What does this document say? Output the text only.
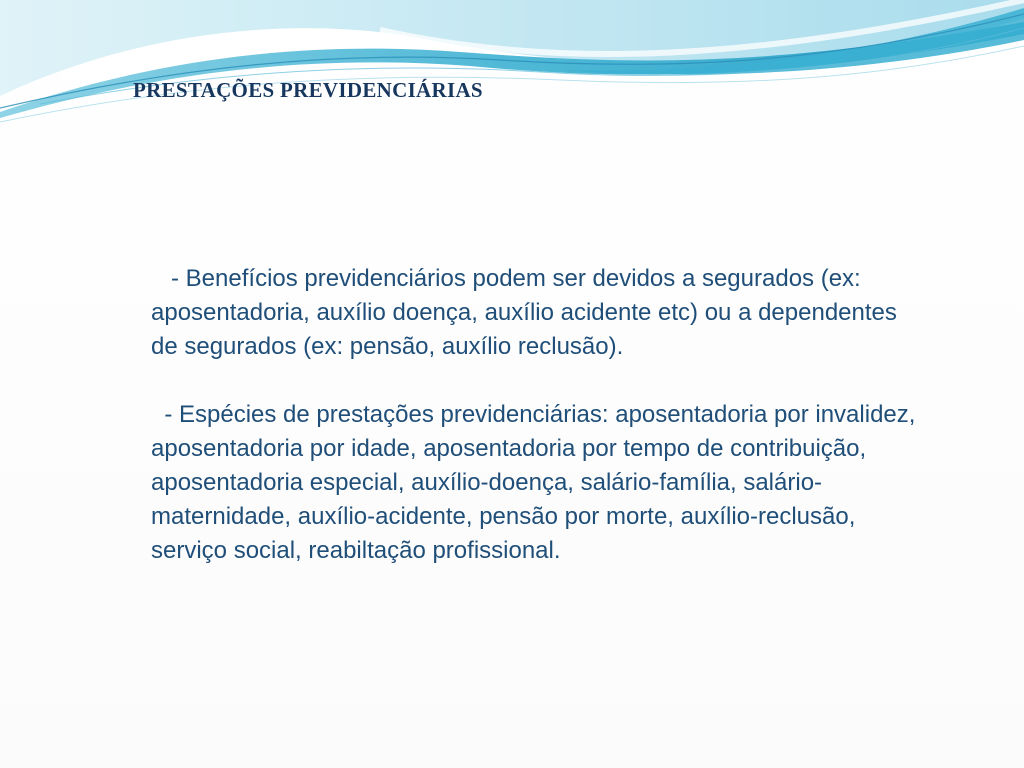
PRESTAÇÕES PREVIDENCIÁRIAS

- Benefícios previdenciários podem ser devidos a segurados (ex: aposentadoria, auxílio doença, auxílio acidente etc) ou a dependentes de segurados (ex: pensão, auxílio reclusão).

- Espécies de prestações previdenciárias: aposentadoria por invalidez, aposentadoria por idade, aposentadoria por tempo de contribuição, aposentadoria especial, auxílio-doença, salário-família, salário-maternidade, auxílio-acidente, pensão por morte, auxílio-reclusão, serviço social, reabiltação profissional.
